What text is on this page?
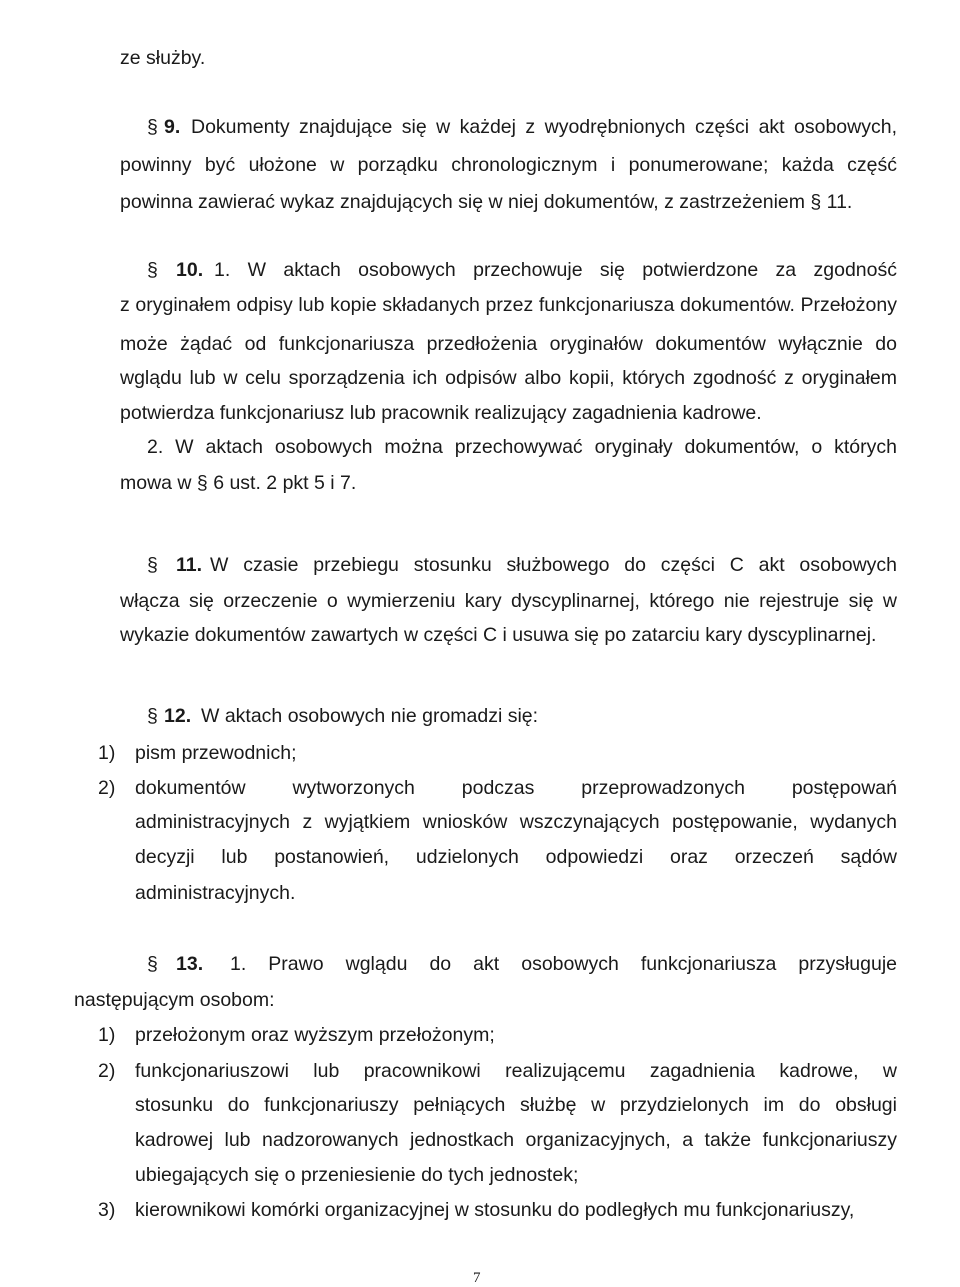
ze służby.
§ 9. Dokumenty znajdujące się w każdej z wyodrębnionych części akt osobowych,
powinny być ułożone w porządku chronologicznym i ponumerowane; każda część
powinna zawierać wykaz znajdujących się w niej dokumentów, z zastrzeżeniem § 11.
§ 10. 1. W aktach osobowych przechowuje się potwierdzone za zgodność
z oryginałem odpisy lub kopie składanych przez funkcjonariusza dokumentów. Przełożony
może żądać od funkcjonariusza przedłożenia oryginałów dokumentów wyłącznie do
wglądu lub w celu sporządzenia ich odpisów albo kopii, których zgodność z oryginałem
potwierdza funkcjonariusz lub pracownik realizujący zagadnienia kadrowe.
2. W aktach osobowych można przechowywać oryginały dokumentów, o których
mowa w § 6 ust. 2 pkt 5 i 7.
§ 11. W czasie przebiegu stosunku służbowego do części C akt osobowych
włącza się orzeczenie o wymierzeniu kary dyscyplinarnej, którego nie rejestruje się w
wykazie dokumentów zawartych w części C i usuwa się po zatarciu kary dyscyplinarnej.
§ 12. W aktach osobowych nie gromadzi się:
1) pism przewodnich;
2) dokumentów wytworzonych podczas przeprowadzonych postępowań
administracyjnych z wyjątkiem wniosków wszczynających postępowanie, wydanych
decyzji lub postanowień, udzielonych odpowiedzi oraz orzeczeń sądów
administracyjnych.
§ 13. 1. Prawo wglądu do akt osobowych funkcjonariusza przysługuje
następującym osobom:
1) przełożonym oraz wyższym przełożonym;
2) funkcjonariuszowi lub pracownikowi realizującemu zagadnienia kadrowe, w
stosunku do funkcjonariuszy pełniących służbę w przydzielonych im do obsługi
kadrowej lub nadzorowanych jednostkach organizacyjnych, a także funkcjonariuszy
ubiegających się o przeniesienie do tych jednostek;
3) kierownikowi komórki organizacyjnej w stosunku do podległych mu funkcjonariuszy,
7
